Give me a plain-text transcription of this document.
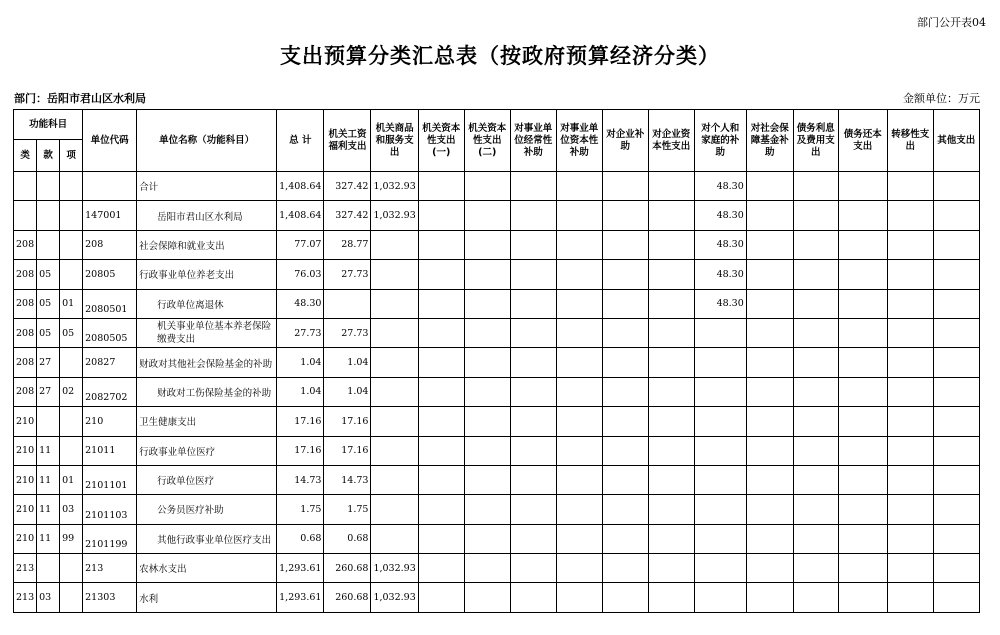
部门公开表04
支出预算分类汇总表（按政府预算经济分类）
部门：岳阳市君山区水利局	金额单位：万元
功能科目			单位代码	单位名称（功能科目）	总 计	机关工资福利支出	机关商品和服务支出	机关资本性支出(一)	机关资本性支出(二)	对事业单位经常性补助	对事业单位资本性补助	对企业补助	对企业资本性支出	对个人和家庭的补助	对社会保障基金补助	债务利息及费用支出	债务还本支出	转移性支出	其他支出
类	款	项																	
				合计	1,408.64	327.42	1,032.93							48.30					
			147001	岳阳市君山区水利局	1,408.64	327.42	1,032.93							48.30					
208			208	社会保障和就业支出	77.07	28.77								48.30					
208	05		20805	行政事业单位养老支出	76.03	27.73								48.30					
208	05	01	2080501	行政单位离退休	48.30									48.30					
208	05	05	2080505	机关事业单位基本养老保险缴费支出	27.73	27.73													
208	27		20827	财政对其他社会保险基金的补助	1.04	1.04													
208	27	02	2082702	财政对工伤保险基金的补助	1.04	1.04													
210			210	卫生健康支出	17.16	17.16													
210	11		21011	行政事业单位医疗	17.16	17.16													
210	11	01	2101101	行政单位医疗	14.73	14.73													
210	11	03	2101103	公务员医疗补助	1.75	1.75													
210	11	99	2101199	其他行政事业单位医疗支出	0.68	0.68													
213			213	农林水支出	1,293.61	260.68	1,032.93												
213	03		21303	水利	1,293.61	260.68	1,032.93												
